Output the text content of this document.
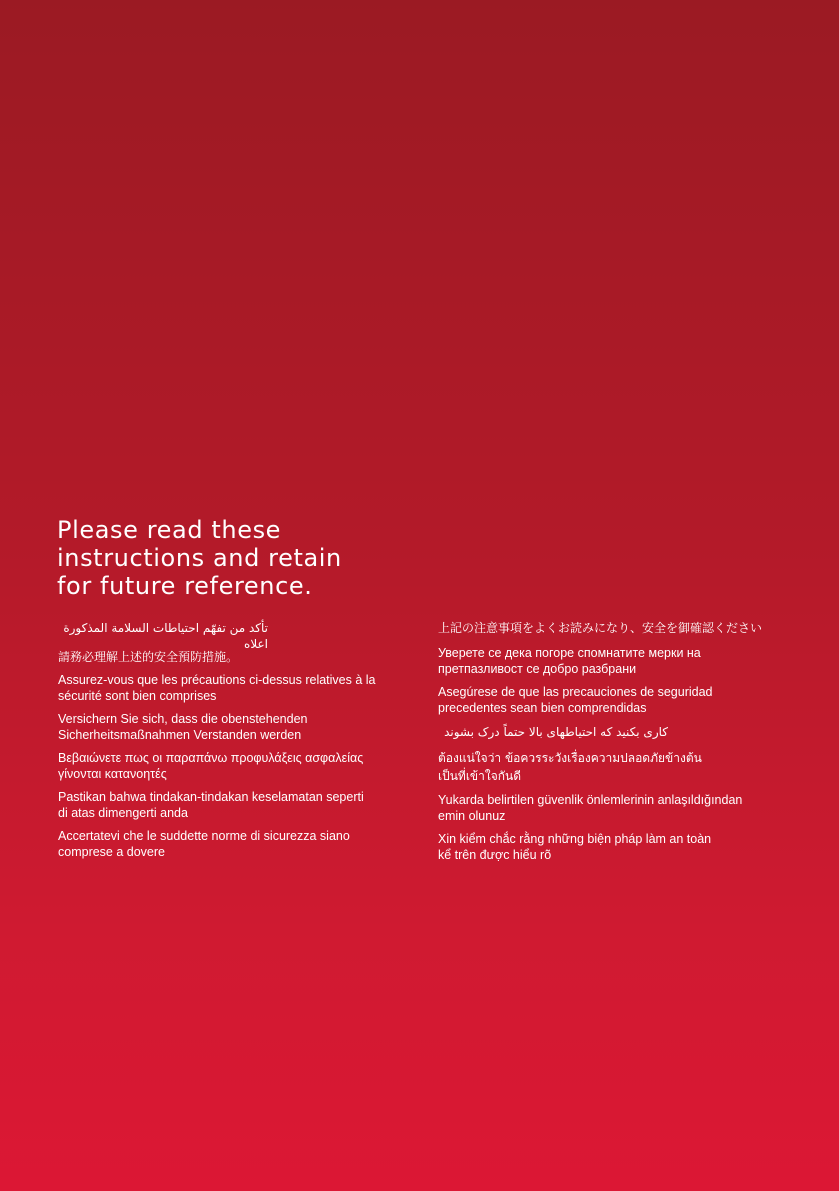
Please read these
instructions and retain
for future reference.

تأكد من تفهّم احتياطات السلامة المذكورة اعلاه

請務必理解上述的安全預防措施。

Assurez-vous que les précautions ci-dessus relatives à la
sécurité sont bien comprises

Versichern Sie sich, dass die obenstehenden
Sicherheitsmaßnahmen Verstanden werden

Βεβαιώνετε πως οι παραπάνω προφυλάξεις ασφαλείας
γίνονται κατανοητές

Pastikan bahwa tindakan-tindakan keselamatan seperti
di atas dimengerti anda

Accertatevi che le suddette norme di sicurezza siano
comprese a dovere

上記の注意事項をよくお読みになり、安全を御確認ください

Уверете се дека погоре спомнатите мерки на
претпазливост се добро разбрани

Asegúrese de que las precauciones de seguridad
precedentes sean bien comprendidas

کاری بکنید که احتیاطهای بالا حتماً درک بشوند

ต้องแน่ใจว่า ข้อควรระวังเรื่องความปลอดภัยข้างต้น
เป็นที่เข้าใจกันดี

Yukarda belirtilen güvenlik önlemlerinin anlaşıldığından
emin olunuz

Xin kiểm chắc rằng những biện pháp làm an toàn
kể trên được hiểu rõ
